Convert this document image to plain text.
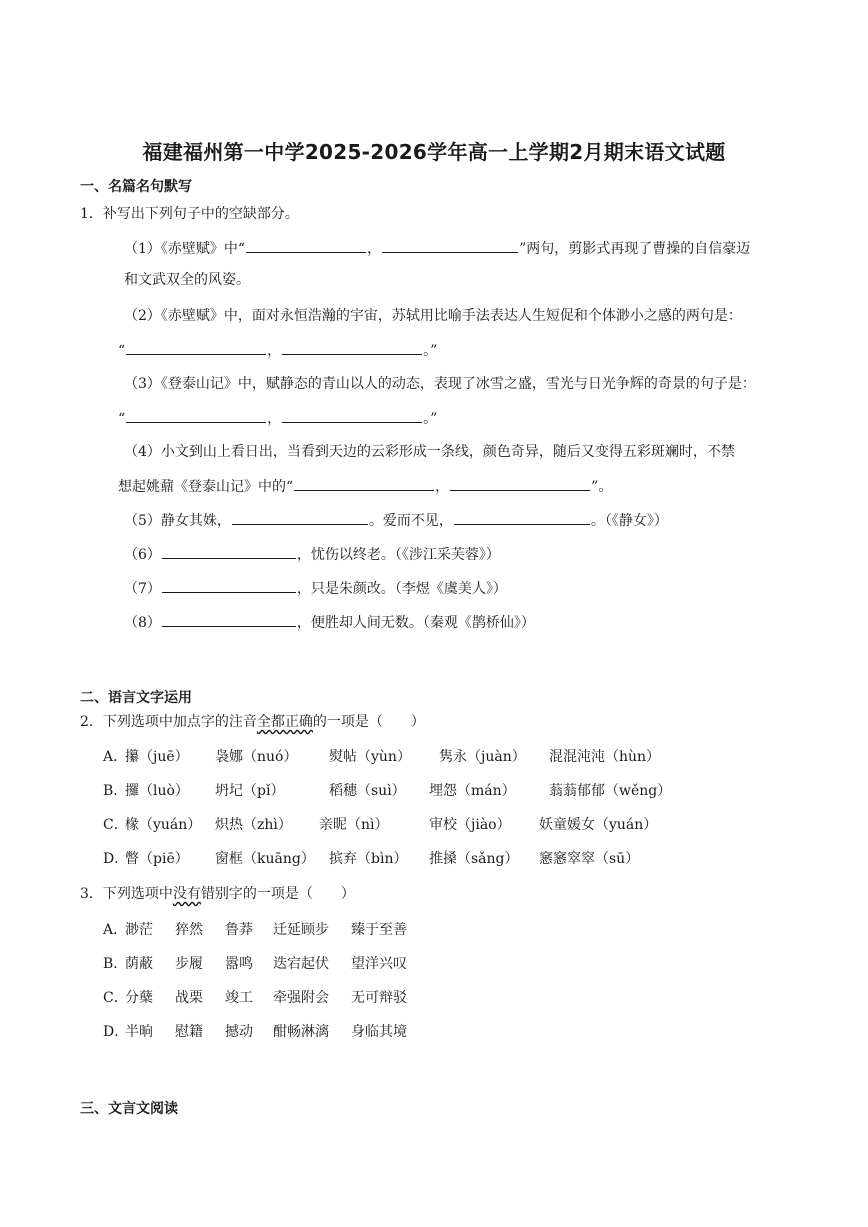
福建福州第一中学2025-2026学年高一上学期2月期末语文试题
一、名篇名句默写
1．补写出下列句子中的空缺部分。
（1）《赤壁赋》中“	，	”两句，剪影式再现了曹操的自信豪迈
和文武双全的风姿。
（2）《赤壁赋》中，面对永恒浩瀚的宇宙，苏轼用比喻手法表达人生短促和个体渺小之感的两句是：
“	，	。”
（3）《登泰山记》中，赋静态的青山以人的动态，表现了冰雪之盛，雪光与日光争辉的奇景的句子是：
“	，	。”
（4）小文到山上看日出，当看到天边的云彩形成一条线，颜色奇异，随后又变得五彩斑斓时，不禁
想起姚鼐《登泰山记》中的“	，	”。
（5）静女其姝，	。爱而不见，	。（《静女》）
（6）	，忧伤以终老。（《涉江采芙蓉》）
（7）	，只是朱颜改。（李煜《虞美人》）
（8）	，便胜却人间无数。（秦观《鹊桥仙》）
二、语言文字运用
2．下列选项中加点字的注音全都正确的一项是（　　）
A．
攥（juē） 袅娜（nuó） 熨帖（yùn） 隽永（juàn） 混混沌沌（hùn）
B．
攞（luò） 坍圮（pǐ）	稻穗（suì） 埋怨（mán） 蓊蓊郁郁（wěng）
C．
椽（yuán） 炽热（zhì） 亲昵（nì）	审校（jiào） 妖童媛女（yuán）
D．
瞥（piē） 窗框（kuāng） 摈弃（bìn） 推搡（sǎng） 窸窸窣窣（sū）
3．下列选项中没有错别字的一项是（　　）
A．
渺茫 猝然 鲁莽 迁延顾步 臻于至善
B．
荫蔽 步履 嚣鸣 迭宕起伏 望洋兴叹
C．
分蘖 战栗 竣工 牵强附会 无可辩驳
D．
半晌 慰籍 撼动 酣畅淋漓 身临其境
三、文言文阅读
